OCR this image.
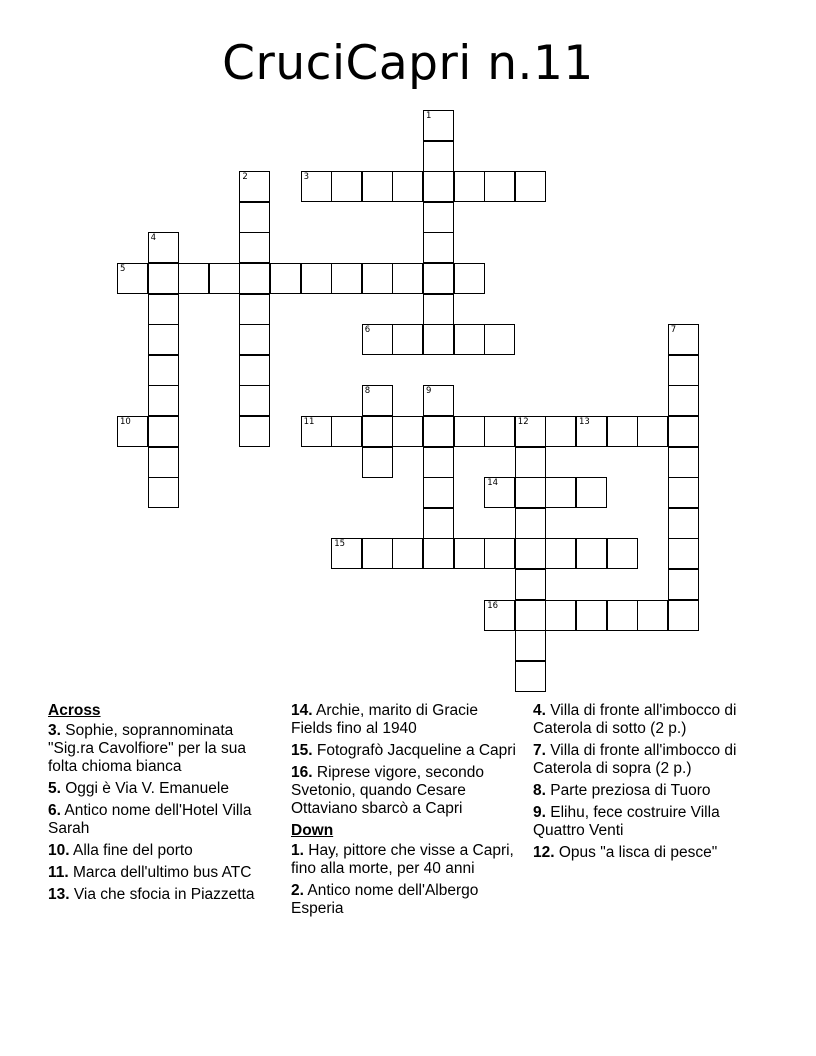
CruciCapri n.11
1
2	3
4
5
6	7
8	9
10	11	12	13
14
15
16
Across
3. Sophie, soprannominata "Sig.ra Cavolfiore" per la sua folta chioma bianca
5. Oggi è Via V. Emanuele
6. Antico nome dell'Hotel Villa Sarah
10. Alla fine del porto
11. Marca dell'ultimo bus ATC
13. Via che sfocia in Piazzetta
14. Archie, marito di Gracie Fields fino al 1940
15. Fotografò Jacqueline a Capri
16. Riprese vigore, secondo Svetonio, quando Cesare Ottaviano sbarcò a Capri
Down
1. Hay, pittore che visse a Capri, fino alla morte, per 40 anni
2. Antico nome dell'Albergo Esperia
4. Villa di fronte all'imbocco di Caterola di sotto (2 p.)
7. Villa di fronte all'imbocco di Caterola di sopra (2 p.)
8. Parte preziosa di Tuoro
9. Elihu, fece costruire Villa Quattro Venti
12. Opus "a lisca di pesce"
